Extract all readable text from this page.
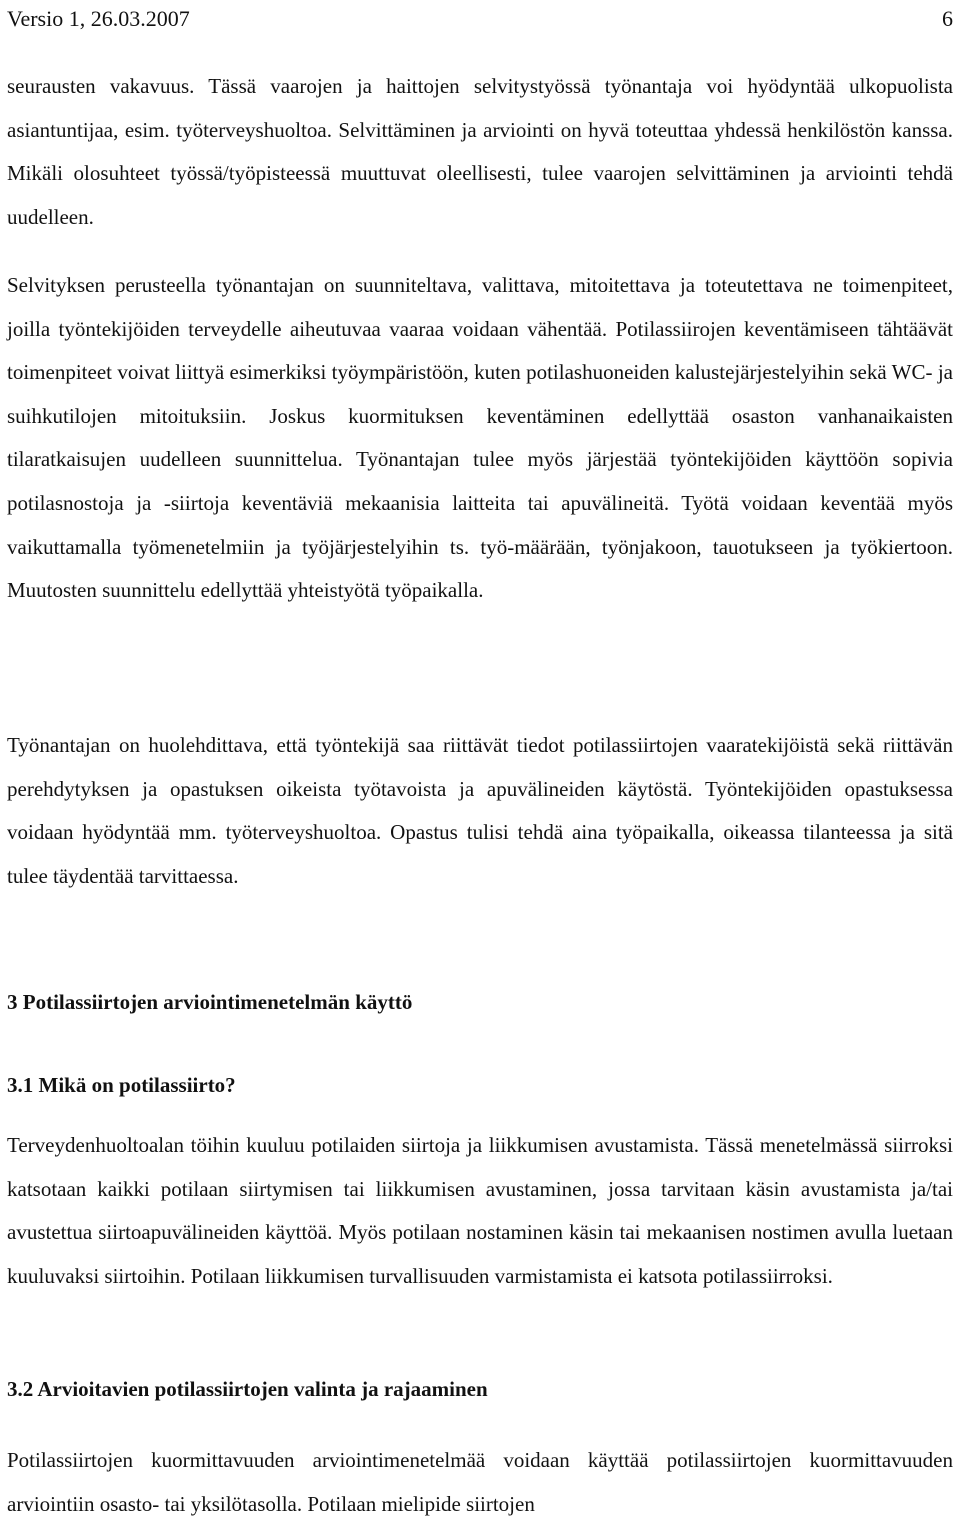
Versio 1, 26.03.2007	6

seurausten vakavuus. Tässä vaarojen ja haittojen selvitystyössä työnantaja voi hyödyntää ulkopuolista asiantuntijaa, esim. työterveyshuoltoa. Selvittäminen ja arviointi on hyvä toteuttaa yhdessä henkilöstön kanssa. Mikäli olosuhteet työssä/työpisteessä muuttuvat oleellisesti, tulee vaarojen selvittäminen ja arviointi tehdä uudelleen.

Selvityksen perusteella työnantajan on suunniteltava, valittava, mitoitettava ja toteutettava ne toimenpiteet, joilla työntekijöiden terveydelle aiheutuvaa vaaraa voidaan vähentää. Potilassiirojen keventämiseen tähtäävät toimenpiteet voivat liittyä esimerkiksi työympäristöön, kuten potilashuoneiden kalustejärjestelyihin sekä WC- ja suihkutilojen mitoituksiin. Joskus kuormituksen keventäminen edellyttää osaston vanhanaikaisten tilaratkaisujen uudelleen suunnittelua. Työnantajan tulee myös järjestää työntekijöiden käyttöön sopivia potilasnostoja ja -siirtoja keventäviä mekaanisia laitteita tai apuvälineitä. Työtä voidaan keventää myös vaikuttamalla työmenetelmiin ja työjärjestelyihin ts. työ-määrään, työnjakoon, tauotukseen ja työkiertoon. Muutosten suunnittelu edellyttää yhteistyötä työpaikalla.

Työnantajan on huolehdittava, että työntekijä saa riittävät tiedot potilassiirtojen vaaratekijöistä sekä riittävän perehdytyksen ja opastuksen oikeista työtavoista ja apuvälineiden käytöstä. Työntekijöiden opastuksessa voidaan hyödyntää mm. työterveyshuoltoa. Opastus tulisi tehdä aina työpaikalla, oikeassa tilanteessa ja sitä tulee täydentää tarvittaessa.

3 Potilassiirtojen arviointimenetelmän käyttö
3.1 Mikä on potilassiirto?

Terveydenhuoltoalan töihin kuuluu potilaiden siirtoja ja liikkumisen avustamista. Tässä menetelmässä siirroksi katsotaan kaikki potilaan siirtymisen tai liikkumisen avustaminen, jossa tarvitaan käsin avustamista ja/tai avustettua siirtoapuvälineiden käyttöä. Myös potilaan nostaminen käsin tai mekaanisen nostimen avulla luetaan kuuluvaksi siirtoihin. Potilaan liikkumisen turvallisuuden varmistamista ei katsota potilassiirroksi.

3.2 Arvioitavien potilassiirtojen valinta ja rajaaminen

Potilassiirtojen kuormittavuuden arviointimenetelmää voidaan käyttää potilassiirtojen kuormittavuuden arviointiin osasto- tai yksilötasolla. Potilaan mielipide siirtojen
